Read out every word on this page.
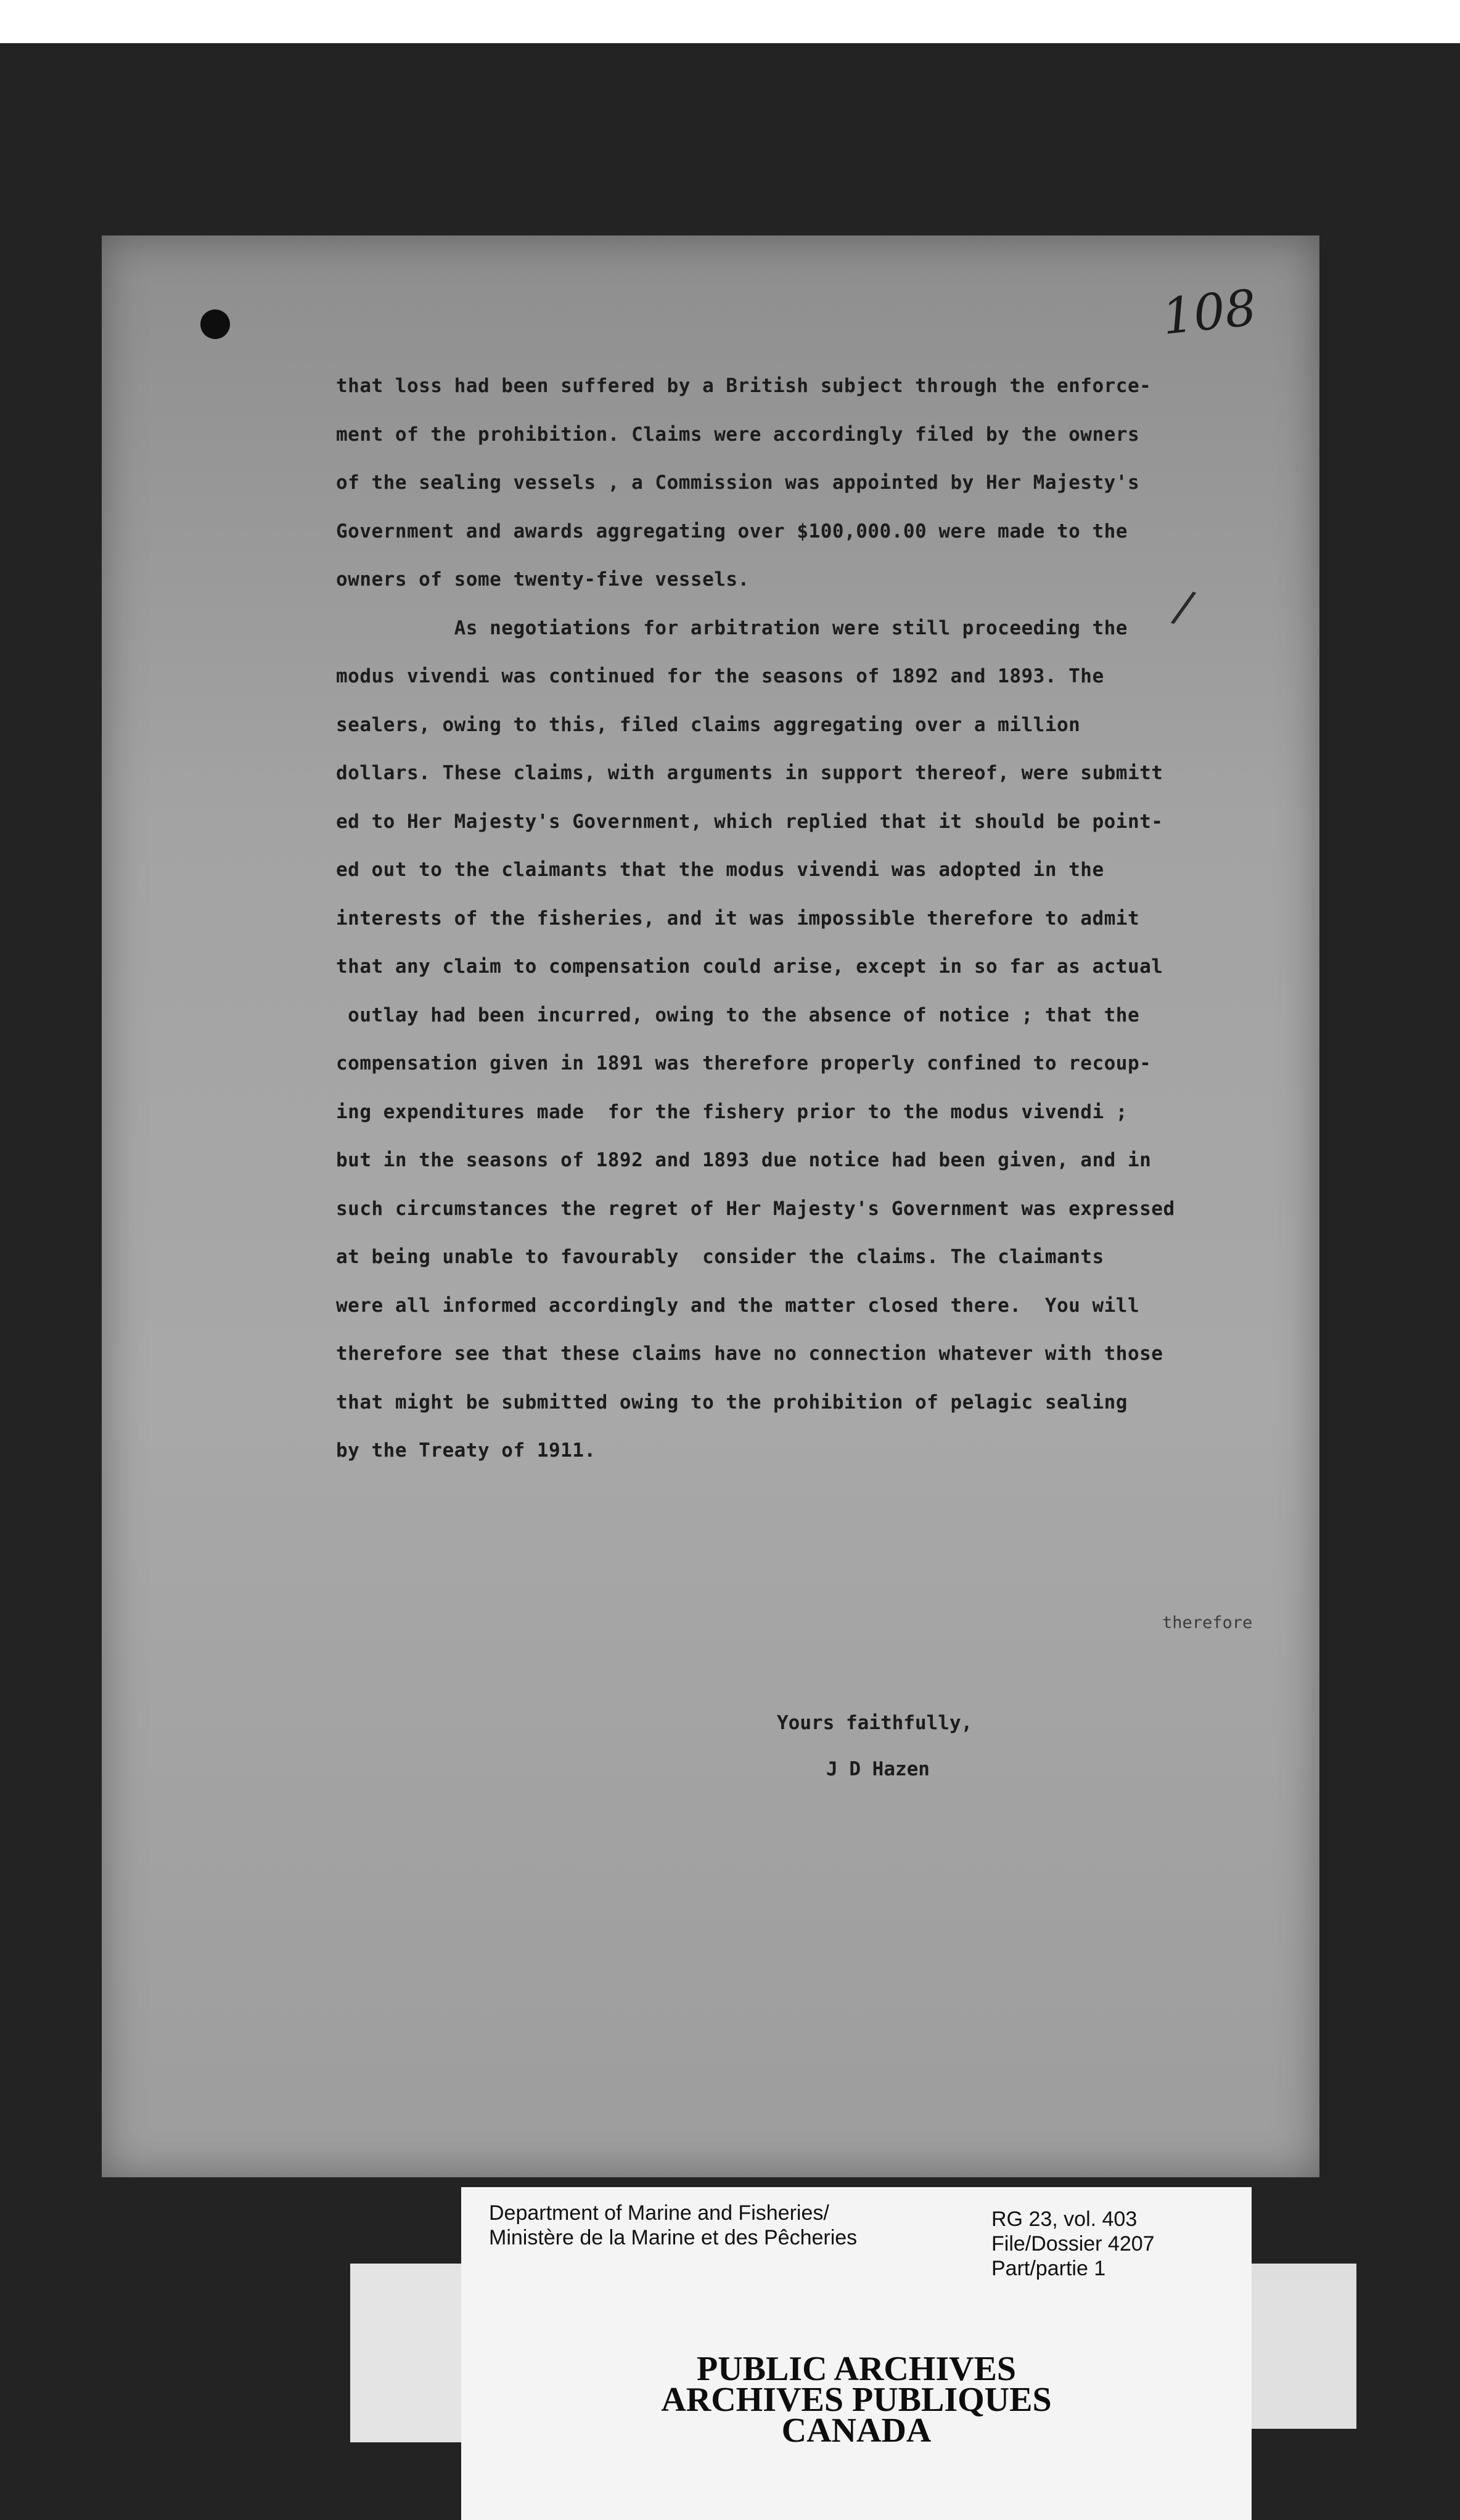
108
/
that loss had been suffered by a British subject through the enforce-
ment of the prohibition. Claims were accordingly filed by the owners
of the sealing vessels , a Commission was appointed by Her Majesty's
Government and awards aggregating over $100,000.00 were made to the
owners of some twenty-five vessels.
As negotiations for arbitration were still proceeding the
modus vivendi was continued for the seasons of 1892 and 1893. The
sealers, owing to this, filed claims aggregating over a million
dollars. These claims, with arguments in support thereof, were submitt
ed to Her Majesty's Government, which replied that it should be point-
ed out to the claimants that the modus vivendi was adopted in the
interests of the fisheries, and it was impossible therefore to admit
that any claim to compensation could arise, except in so far as actual
outlay had been incurred, owing to the absence of notice ; that the
compensation given in 1891 was therefore properly confined to recoup-
ing expenditures made  for the fishery prior to the modus vivendi ;
but in the seasons of 1892 and 1893 due notice had been given, and in
such circumstances the regret of Her Majesty's Government was expressed
at being unable to favourably  consider the claims. The claimants
were all informed accordingly and the matter closed there.  You will
therefore see that these claims have no connection whatever with those
that might be submitted owing to the prohibition of pelagic sealing
by the Treaty of 1911.
therefore
Yours faithfully,
J D Hazen
Department of Marine and Fisheries/
Ministère de la Marine et des Pêcheries
RG 23, vol. 403
File/Dossier 4207
Part/partie 1
PUBLIC ARCHIVES
ARCHIVES PUBLIQUES
CANADA
